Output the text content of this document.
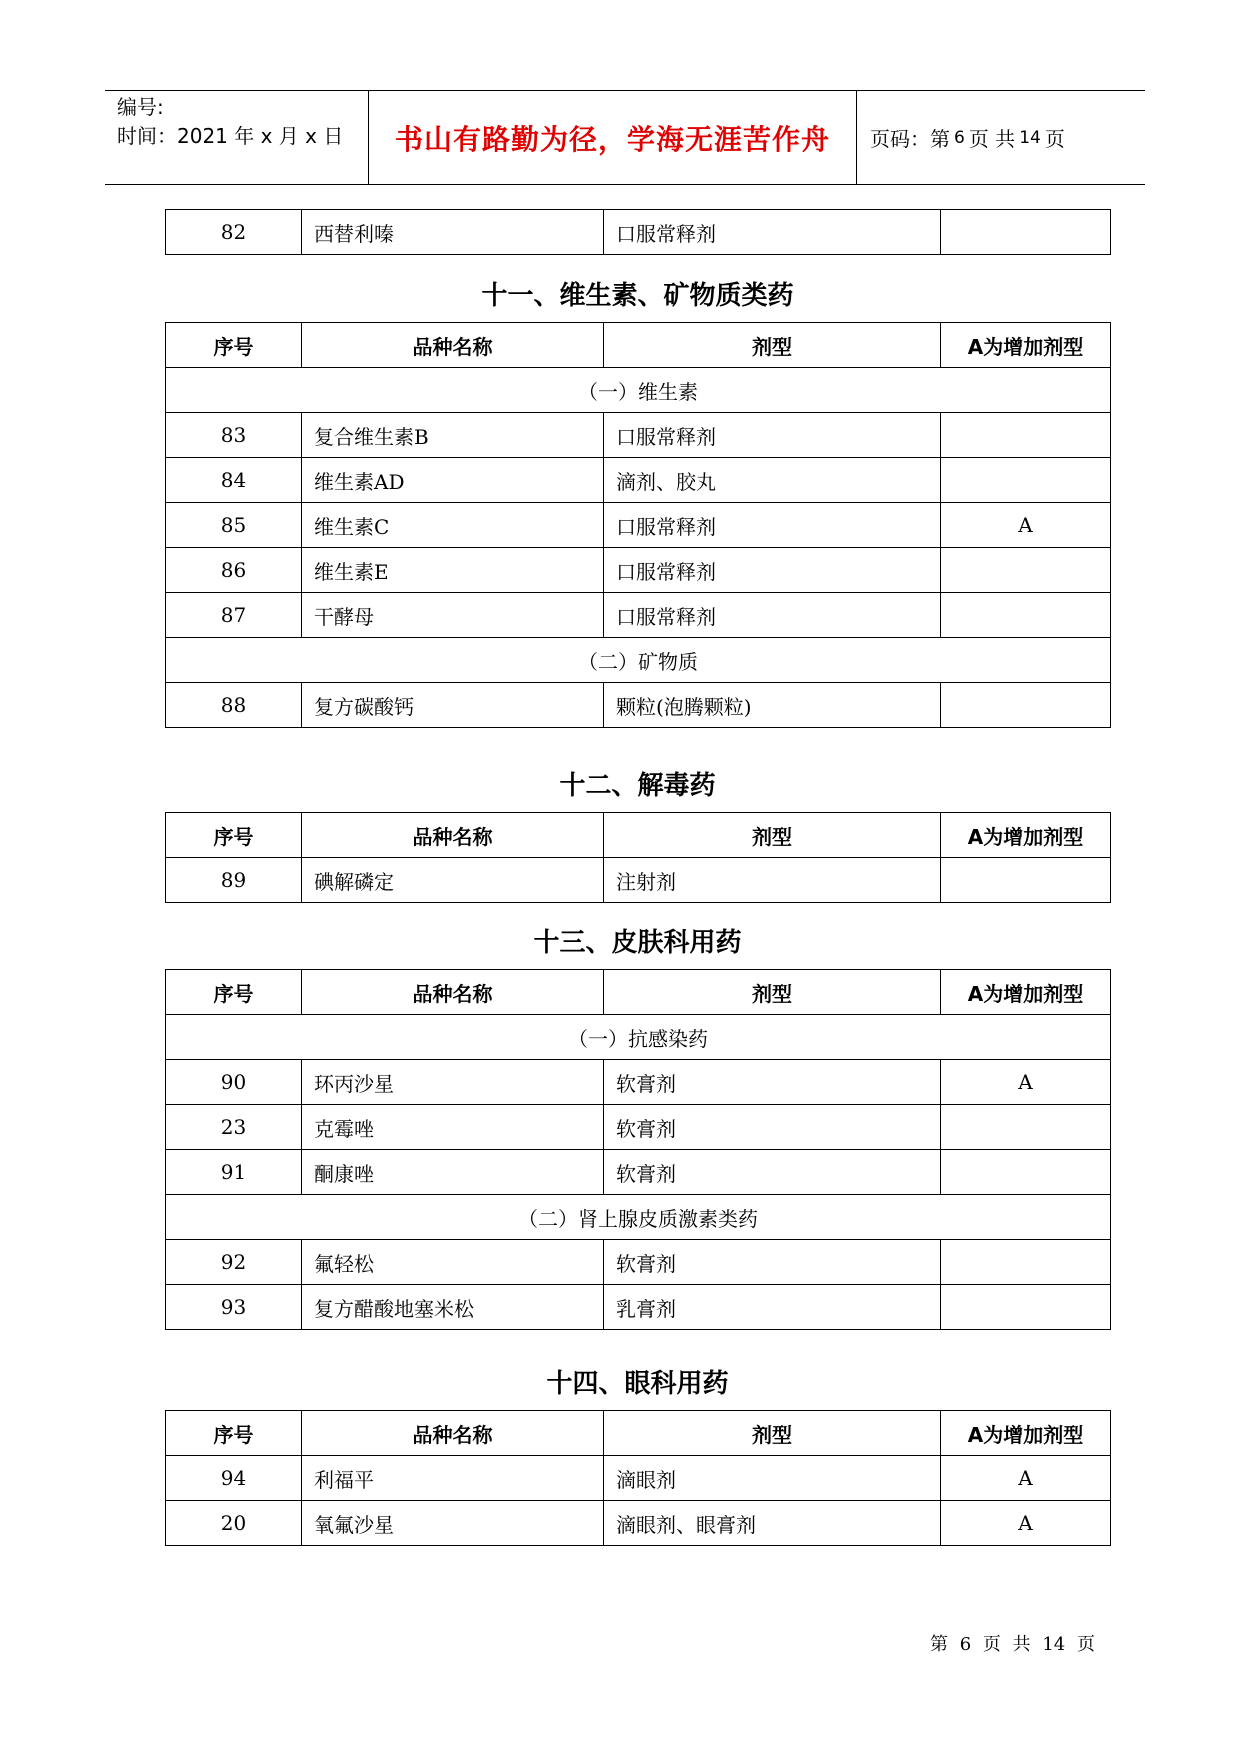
编号:
时间：2021 年 x 月 x 日	书山有路勤为径，学海无涯苦作舟	页码：第 6 页 共 14 页
82	西替利嗪	口服常释剂	
十一、维生素、矿物质类药
序号	品种名称	剂型	A为增加剂型
（一）维生素			
83	复合维生素B	口服常释剂	
84	维生素AD	滴剂、胶丸	
85	维生素C	口服常释剂	A
86	维生素E	口服常释剂	
87	干酵母	口服常释剂	
（二）矿物质			
88	复方碳酸钙	颗粒(泡腾颗粒)	
十二、解毒药
序号	品种名称	剂型	A为增加剂型
89	碘解磷定	注射剂	
十三、皮肤科用药
序号	品种名称	剂型	A为增加剂型
（一）抗感染药			
90	环丙沙星	软膏剂	A
23	克霉唑	软膏剂	
91	酮康唑	软膏剂	
（二）肾上腺皮质激素类药			
92	氟轻松	软膏剂	
93	复方醋酸地塞米松	乳膏剂	
十四、眼科用药
序号	品种名称	剂型	A为增加剂型
94	利福平	滴眼剂	A
20	氧氟沙星	滴眼剂、眼膏剂	A
第 6 页 共 14 页
